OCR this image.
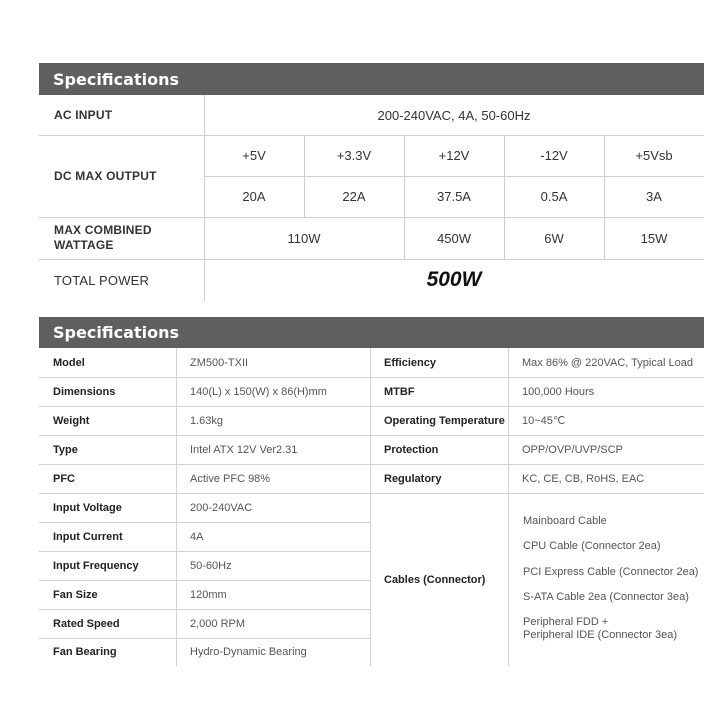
Specifications
AC INPUT	200-240VAC, 4A, 50-60Hz
DC MAX OUTPUT
+5V	+3.3V	+12V	-12V	+5Vsb
20A	22A	37.5A	0.5A	3A
MAX COMBINED
WATTAGE	110W	450W	6W	15W
TOTAL POWER	500W
Specifications
Model	ZM500-TXII
Dimensions	140(L) x 150(W) x 86(H)mm
Weight	1.63kg
Type	Intel ATX 12V Ver2.31
PFC	Active PFC 98%
Input Voltage	200-240VAC
Input Current	4A
Input Frequency	50-60Hz
Fan Size	120mm
Rated Speed	2,000 RPM
Fan Bearing	Hydro-Dynamic Bearing
Efficiency	Max 86% @ 220VAC, Typical Load
MTBF	100,000 Hours
Operating Temperature	10~45℃
Protection	OPP/OVP/UVP/SCP
Regulatory	KC, CE, CB, RoHS, EAC
Cables (Connector)
Mainboard Cable
CPU Cable (Connector 2ea)
PCI Express Cable (Connector 2ea)
S-ATA Cable 2ea (Connector 3ea)
Peripheral FDD +
Peripheral IDE (Connector 3ea)
